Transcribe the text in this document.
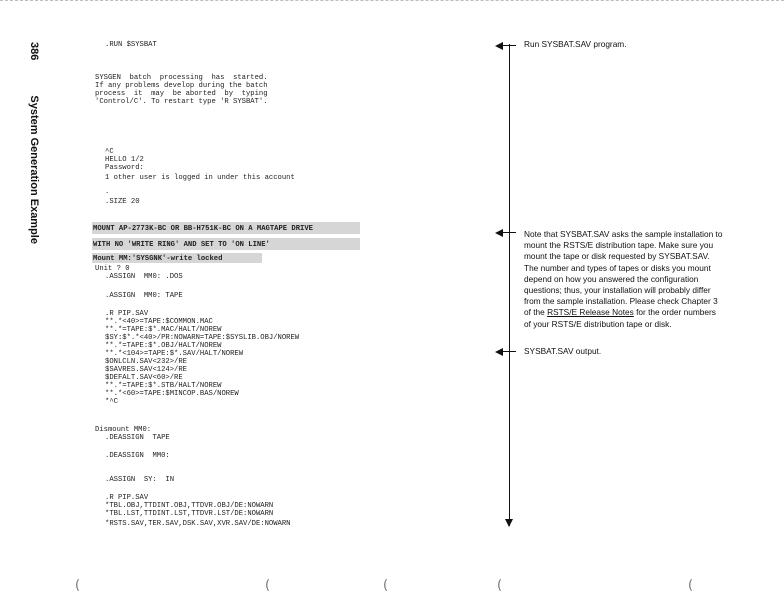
386 System Generation Example
.RUN $SYSBAT
SYSGEN  batch  processing  has  started.
If any problems develop during the batch
process  it  may  be aborted  by  typing
'Control/C'. To restart type 'R SYSBAT'.
^C
HELLO 1/2
Password:
1 other user is logged in under this account
.
.SIZE 20
MOUNT AP-2773K-BC OR BB-H751K-BC ON A MAGTAPE DRIVE
WITH NO 'WRITE RING' AND SET TO 'ON LINE'
Mount MM:'SYSGNK'-write locked
Unit ? 0
.ASSIGN  MM0: .DOS
.ASSIGN  MM0: TAPE
.R PIP.SAV
**.*<40>=TAPE:$COMMON.MAC
**.*=TAPE:$*.MAC/HALT/NOREW
$SY:$*.*<40>/PR:NOWARN=TAPE:$SYSLIB.OBJ/NOREW
**.*=TAPE:$*.OBJ/HALT/NOREW
**.*<104>=TAPE:$*.SAV/HALT/NOREW
$ONLCLN.SAV<232>/RE
$SAVRES.SAV<124>/RE
$DEFALT.SAV<60>/RE
**.*=TAPE:$*.STB/HALT/NOREW
**.*<60>=TAPE:$MINCOP.BAS/NOREW
*^C
Dismount MM0:
.DEASSIGN  TAPE
.DEASSIGN  MM0:
.ASSIGN  SY:  IN
.R PIP.SAV
*TBL.OBJ,TTDINT.OBJ,TTDVR.OBJ/DE:NOWARN
*TBL.LST,TTDINT.LST,TTDVR.LST/DE:NOWARN
*RSTS.SAV,TER.SAV,DSK.SAV,XVR.SAV/DE:NOWARN
Run SYSBAT.SAV program.
Note that SYSBAT.SAV asks the sample installation to mount the RSTS/E distribution tape. Make sure you mount the tape or disk requested by SYSBAT.SAV. The number and types of tapes or disks you mount depend on how you answered the configuration questions; thus, your installation will probably differ from the sample installation. Please check Chapter 3 of the RSTS/E Release Notes for the order numbers of your RSTS/E distribution tape or disk.
SYSBAT.SAV output.
(	(	(	(	(
